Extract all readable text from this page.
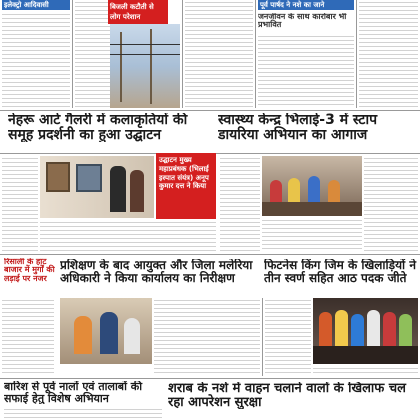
इलेक्ट्रो आदिवासी	बिजली कटौती से लोग परेशान
पूर्व पार्षद ने नशे का जाने
जनजीवन के साथ कारोबार भी प्रभावित
नेहरू आर्ट गैलरी में कलाकृतियों की समूह प्रदर्शनी का हुआ उद्घाटन
स्वास्थ्य केन्द्र भिलाई-3 में स्टाप डायरिया अभियान का आगाज
उद्घाटन मुख्य महाप्रबंधक (भिलाई इस्पात संयंत्र) अनूप कुमार दत्त ने किया
रिसाली के हाट बाजार में मुर्गों की लड़ाई पर नजर
प्रशिक्षण के बाद आयुक्त और जिला मलेरिया अधिकारी ने किया कार्यालय का निरीक्षण
फिटनेस किंग जिम के खिलाड़ियों ने तीन स्वर्ण सहित आठ पदक जीते
बारिश से पूर्व नालों एवं तालाबों की सफाई हेतु विशेष अभियान
शराब के नशे में वाहन चलाने वालों के खिलाफ चल रहा आपरेशन सुरक्षा
